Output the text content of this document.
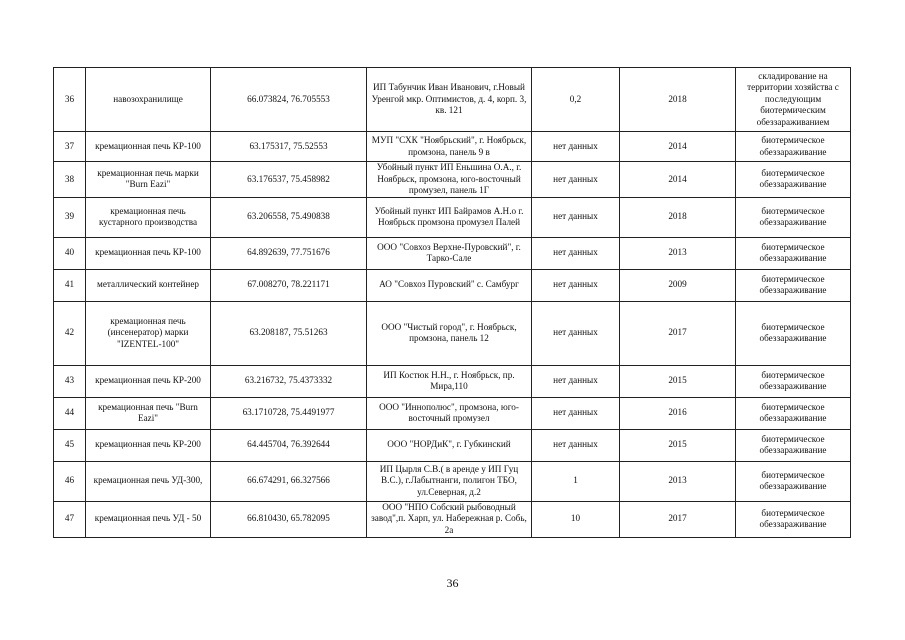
36	навозохранилище	66.073824, 76.705553	ИП Табунчик Иван Иванович, г.Новый Уренгой мкр. Оптимистов, д. 4, корп. 3, кв. 121	0,2	2018	складирование на территории хозяйства с последующим биотермическим обеззараживанием
37	кремационная печь КР-100	63.175317, 75.52553	МУП "СХК "Ноябрьский", г. Ноябрьск, промзона, панель 9 в	нет данных	2014	биотермическое обеззараживание
38	кремационная печь марки "Burn Eazi"	63.176537, 75.458982	Убойный пункт ИП Еньшина О.А., г. Ноябрьск, промзона, юго-восточный промузел, панель 1Г	нет данных	2014	биотермическое обеззараживание
39	кремационная печь кустарного производства	63.206558, 75.490838	Убойный пункт ИП Байрамов А.Н.о г. Ноябрьск промзона промузел Палей	нет данных	2018	биотермическое обеззараживание
40	кремационная печь КР-100	64.892639, 77.751676	ООО "Совхоз Верхне-Пуровский", г. Тарко-Сале	нет данных	2013	биотермическое обеззараживание
41	металлический контейнер	67.008270, 78.221171	АО "Совхоз Пуровский" с. Самбург	нет данных	2009	биотермическое обеззараживание
42	кремационная печь (инсенератор) марки "IZENTEL-100"	63.208187, 75.51263	ООО "Чистый город", г. Ноябрьск, промзона, панель 12	нет данных	2017	биотермическое обеззараживание
43	кремационная печь КР-200	63.216732, 75.4373332	ИП Костюк Н.Н., г. Ноябрьск, пр. Мира,110	нет данных	2015	биотермическое обеззараживание
44	кремационная печь "Burn Eazi"	63.1710728, 75.4491977	ООО "Иннополюс", промзона, юго-восточный промузел	нет данных	2016	биотермическое обеззараживание
45	кремационная печь КР-200	64.445704, 76.392644	ООО "НОРДиК", г. Губкинский	нет данных	2015	биотермическое обеззараживание
46	кремационная печь УД-300,	66.674291, 66.327566	ИП Цырля С.В.( в аренде у ИП Гуц В.С.), г.Лабытнанги, полигон ТБО, ул.Северная, д.2	1	2013	биотермическое обеззараживание
47	кремационная печь УД - 50	66.810430, 65.782095	ООО "НПО Собский рыбоводный завод",п. Харп, ул. Набережная р. Собь, 2а	10	2017	биотермическое обеззараживание
36
